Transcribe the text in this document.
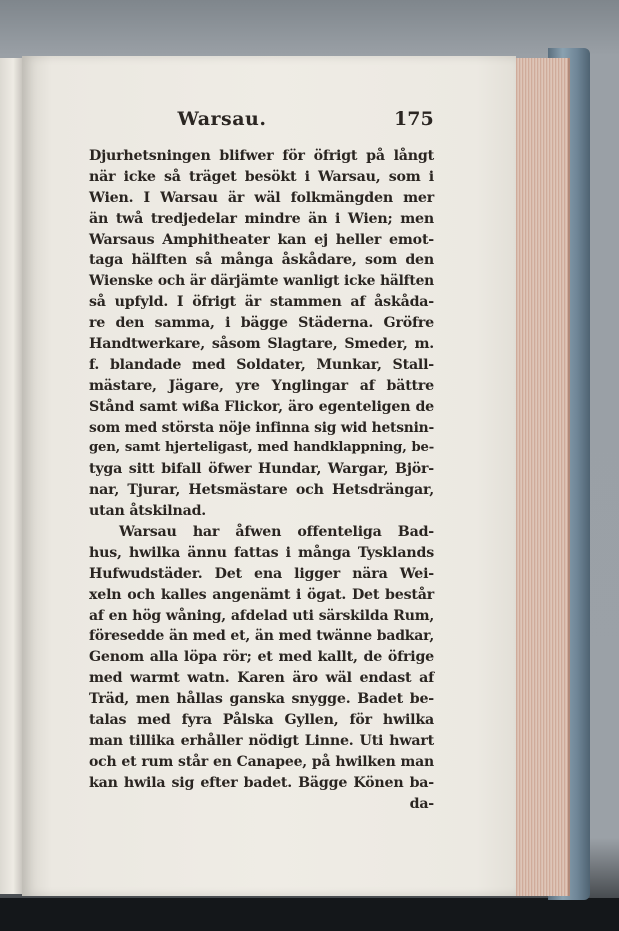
Warsau.	175
Djurhetsningen blifwer för öfrigt på långt
när icke så träget besökt i Warsau, som i
Wien. I Warsau är wäl folkmängden mer
än twå tredjedelar mindre än i Wien; men
Warsaus Amphitheater kan ej heller emot-
taga hälften så många åskådare, som den
Wienske och är därjämte wanligt icke hälften
så upfyld. I öfrigt är stammen af åskåda-
re den samma, i bägge Städerna. Gröfre
Handtwerkare, såsom Slagtare, Smeder, m.
f. blandade med Soldater, Munkar, Stall-
mästare, Jägare, yre Ynglingar af bättre
Stånd samt wißa Flickor, äro egenteligen de
som med största nöje infinna sig wid hetsnin-
gen, samt hjerteligast, med handklappning, be-
tyga sitt bifall öfwer Hundar, Wargar, Björ-
nar, Tjurar, Hetsmästare och Hetsdrängar,
utan åtskilnad.
Warsau har åfwen offenteliga Bad-
hus, hwilka ännu fattas i många Tysklands
Hufwudstäder. Det ena ligger nära Wei-
xeln och kalles angenämt i ögat. Det består
af en hög wåning, afdelad uti särskilda Rum,
föresedde än med et, än med twänne badkar,
Genom alla löpa rör; et med kallt, de öfrige
med warmt watn. Karen äro wäl endast af
Träd, men hållas ganska snygge. Badet be-
talas med fyra Pålska Gyllen, för hwilka
man tillika erhåller nödigt Linne. Uti hwart
och et rum står en Canapee, på hwilken man
kan hwila sig efter badet. Bägge Könen ba-
da-
